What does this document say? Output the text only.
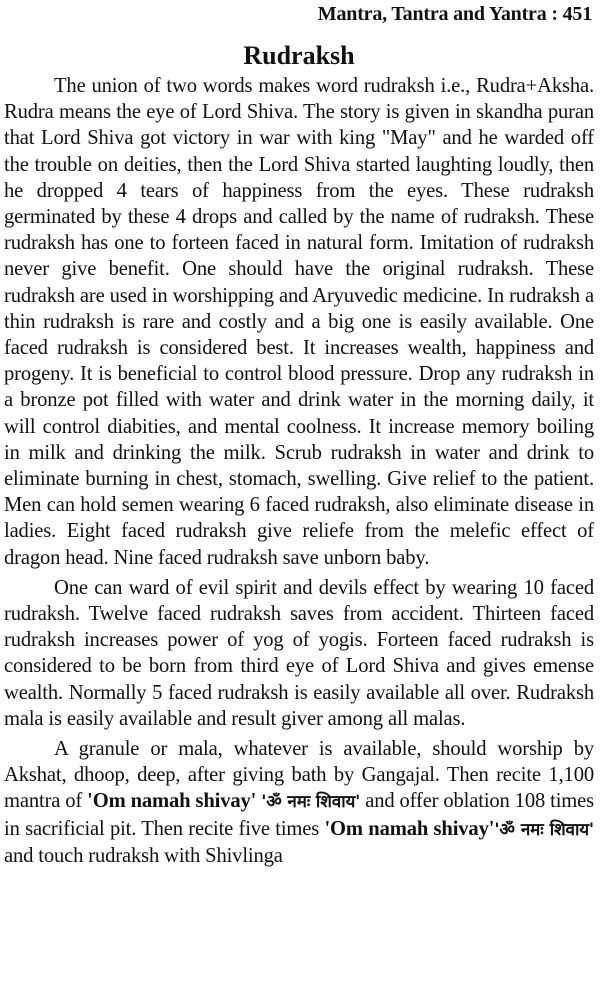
Mantra, Tantra and Yantra : 451
Rudraksh

The union of two words makes word rudraksh i.e., Rudra+Aksha. Rudra means the eye of Lord Shiva. The story is given in skandha puran that Lord Shiva got victory in war with king "May" and he warded off the trouble on deities, then the Lord Shiva started laughting loudly, then he dropped 4 tears of happiness from the eyes. These rudraksh germinated by these 4 drops and called by the name of rudraksh. These rudraksh has one to forteen faced in natural form. Imitation of rudraksh never give benefit. One should have the original rudraksh. These rudraksh are used in worshipping and Aryuvedic medicine. In rudraksh a thin rudraksh is rare and costly and a big one is easily available. One faced rudraksh is considered best. It increases wealth, happiness and progeny. It is beneficial to control blood pressure. Drop any rudraksh in a bronze pot filled with water and drink water in the morning daily, it will control diabities, and mental coolness. It increase memory boiling in milk and drinking the milk. Scrub rudraksh in water and drink to eliminate burning in chest, stomach, swelling. Give relief to the patient. Men can hold semen wearing 6 faced rudraksh, also eliminate disease in ladies. Eight faced rudraksh give reliefe from the melefic effect of dragon head. Nine faced rudraksh save unborn baby.

One can ward of evil spirit and devils effect by wearing 10 faced rudraksh. Twelve faced rudraksh saves from accident. Thirteen faced rudraksh increases power of yog of yogis. Forteen faced rudraksh is considered to be born from third eye of Lord Shiva and gives emense wealth. Normally 5 faced rudraksh is easily available all over. Rudraksh mala is easily available and result giver among all malas.

A granule or mala, whatever is available, should worship by Akshat, dhoop, deep, after giving bath by Gangajal. Then recite 1,100 mantra of 'Om namah shivay' 'ॐ नमः शिवाय' and offer oblation 108 times in sacrificial pit. Then recite five times 'Om namah shivay''ॐ नमः शिवाय' and touch rudraksh with Shivlinga
